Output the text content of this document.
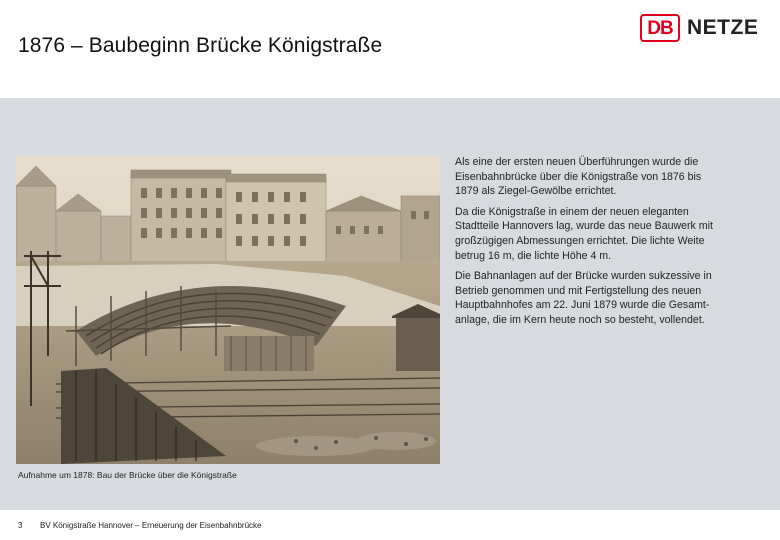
1876 – Baubeginn Brücke Königstraße
DB NETZE
Aufnahme um 1878: Bau der Brücke über die Königstraße

Als eine der ersten neuen Überführungen wurde die
Eisenbahnbrücke über die Königstraße von 1876 bis
1879 als Ziegel-Gewölbe errichtet.

Da die Königstraße in einem der neuen eleganten
Stadtteile Hannovers lag, wurde das neue Bauwerk mit
großzügigen Abmessungen errichtet. Die lichte Weite
betrug 16 m, die lichte Höhe 4 m.

Die Bahnanlagen auf der Brücke wurden sukzessive in
Betrieb genommen und mit Fertigstellung des neuen
Hauptbahnhofes am 22. Juni 1879 wurde die Gesamt-
anlage, die im Kern heute noch so besteht, vollendet.

3 BV Königstraße Hannover – Erneuerung der Eisenbahnbrücke
